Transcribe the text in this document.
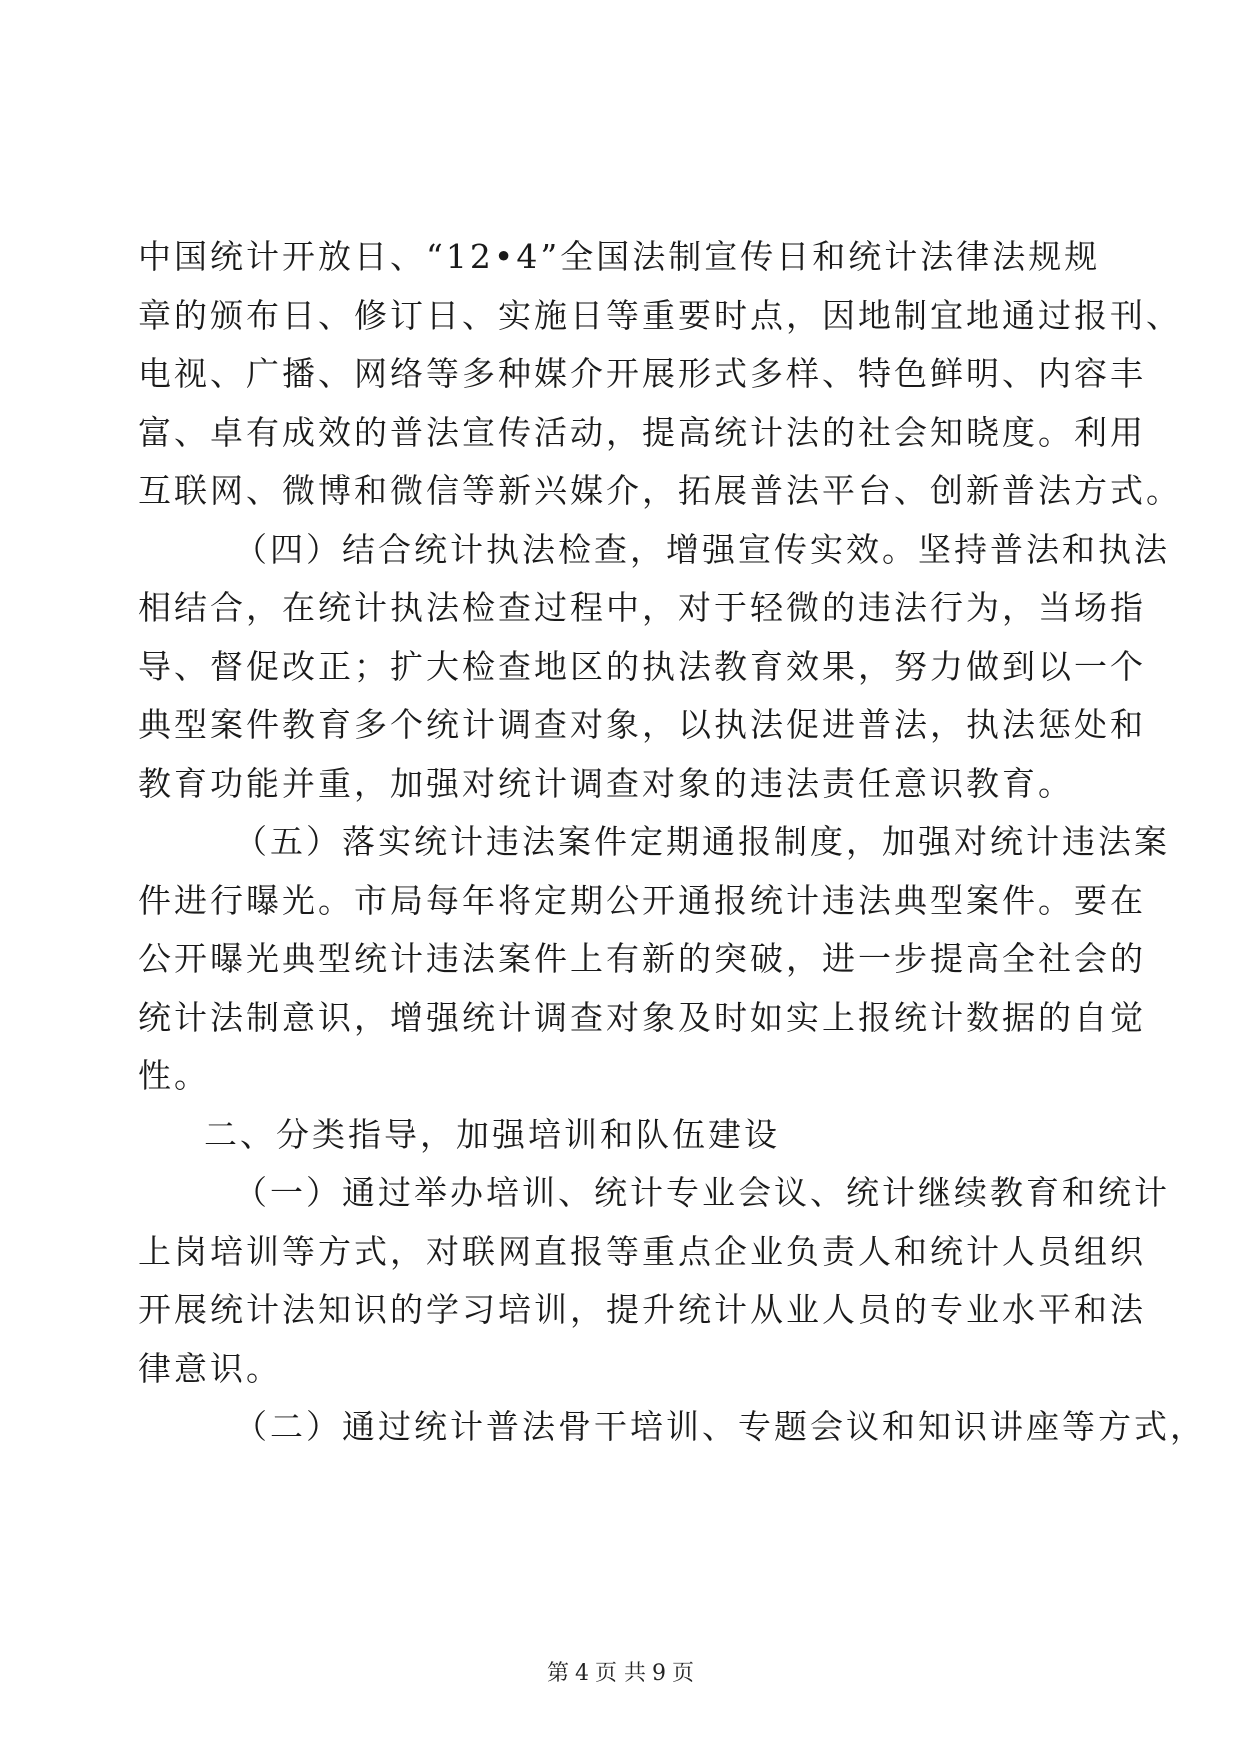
中国统计开放日、“12•4”全国法制宣传日和统计法律法规规
章的颁布日、修订日、实施日等重要时点，因地制宜地通过报刊、
电视、广播、网络等多种媒介开展形式多样、特色鲜明、内容丰
富、卓有成效的普法宣传活动，提高统计法的社会知晓度。利用
互联网、微博和微信等新兴媒介，拓展普法平台、创新普法方式。
（四）结合统计执法检查，增强宣传实效。坚持普法和执法
相结合，在统计执法检查过程中，对于轻微的违法行为，当场指
导、督促改正；扩大检查地区的执法教育效果，努力做到以一个
典型案件教育多个统计调查对象，以执法促进普法，执法惩处和
教育功能并重，加强对统计调查对象的违法责任意识教育。
（五）落实统计违法案件定期通报制度，加强对统计违法案
件进行曝光。市局每年将定期公开通报统计违法典型案件。要在
公开曝光典型统计违法案件上有新的突破，进一步提高全社会的
统计法制意识，增强统计调查对象及时如实上报统计数据的自觉
性。
二、分类指导，加强培训和队伍建设
（一）通过举办培训、统计专业会议、统计继续教育和统计
上岗培训等方式，对联网直报等重点企业负责人和统计人员组织
开展统计法知识的学习培训，提升统计从业人员的专业水平和法
律意识。
（二）通过统计普法骨干培训、专题会议和知识讲座等方式，
第 4 页 共 9 页
